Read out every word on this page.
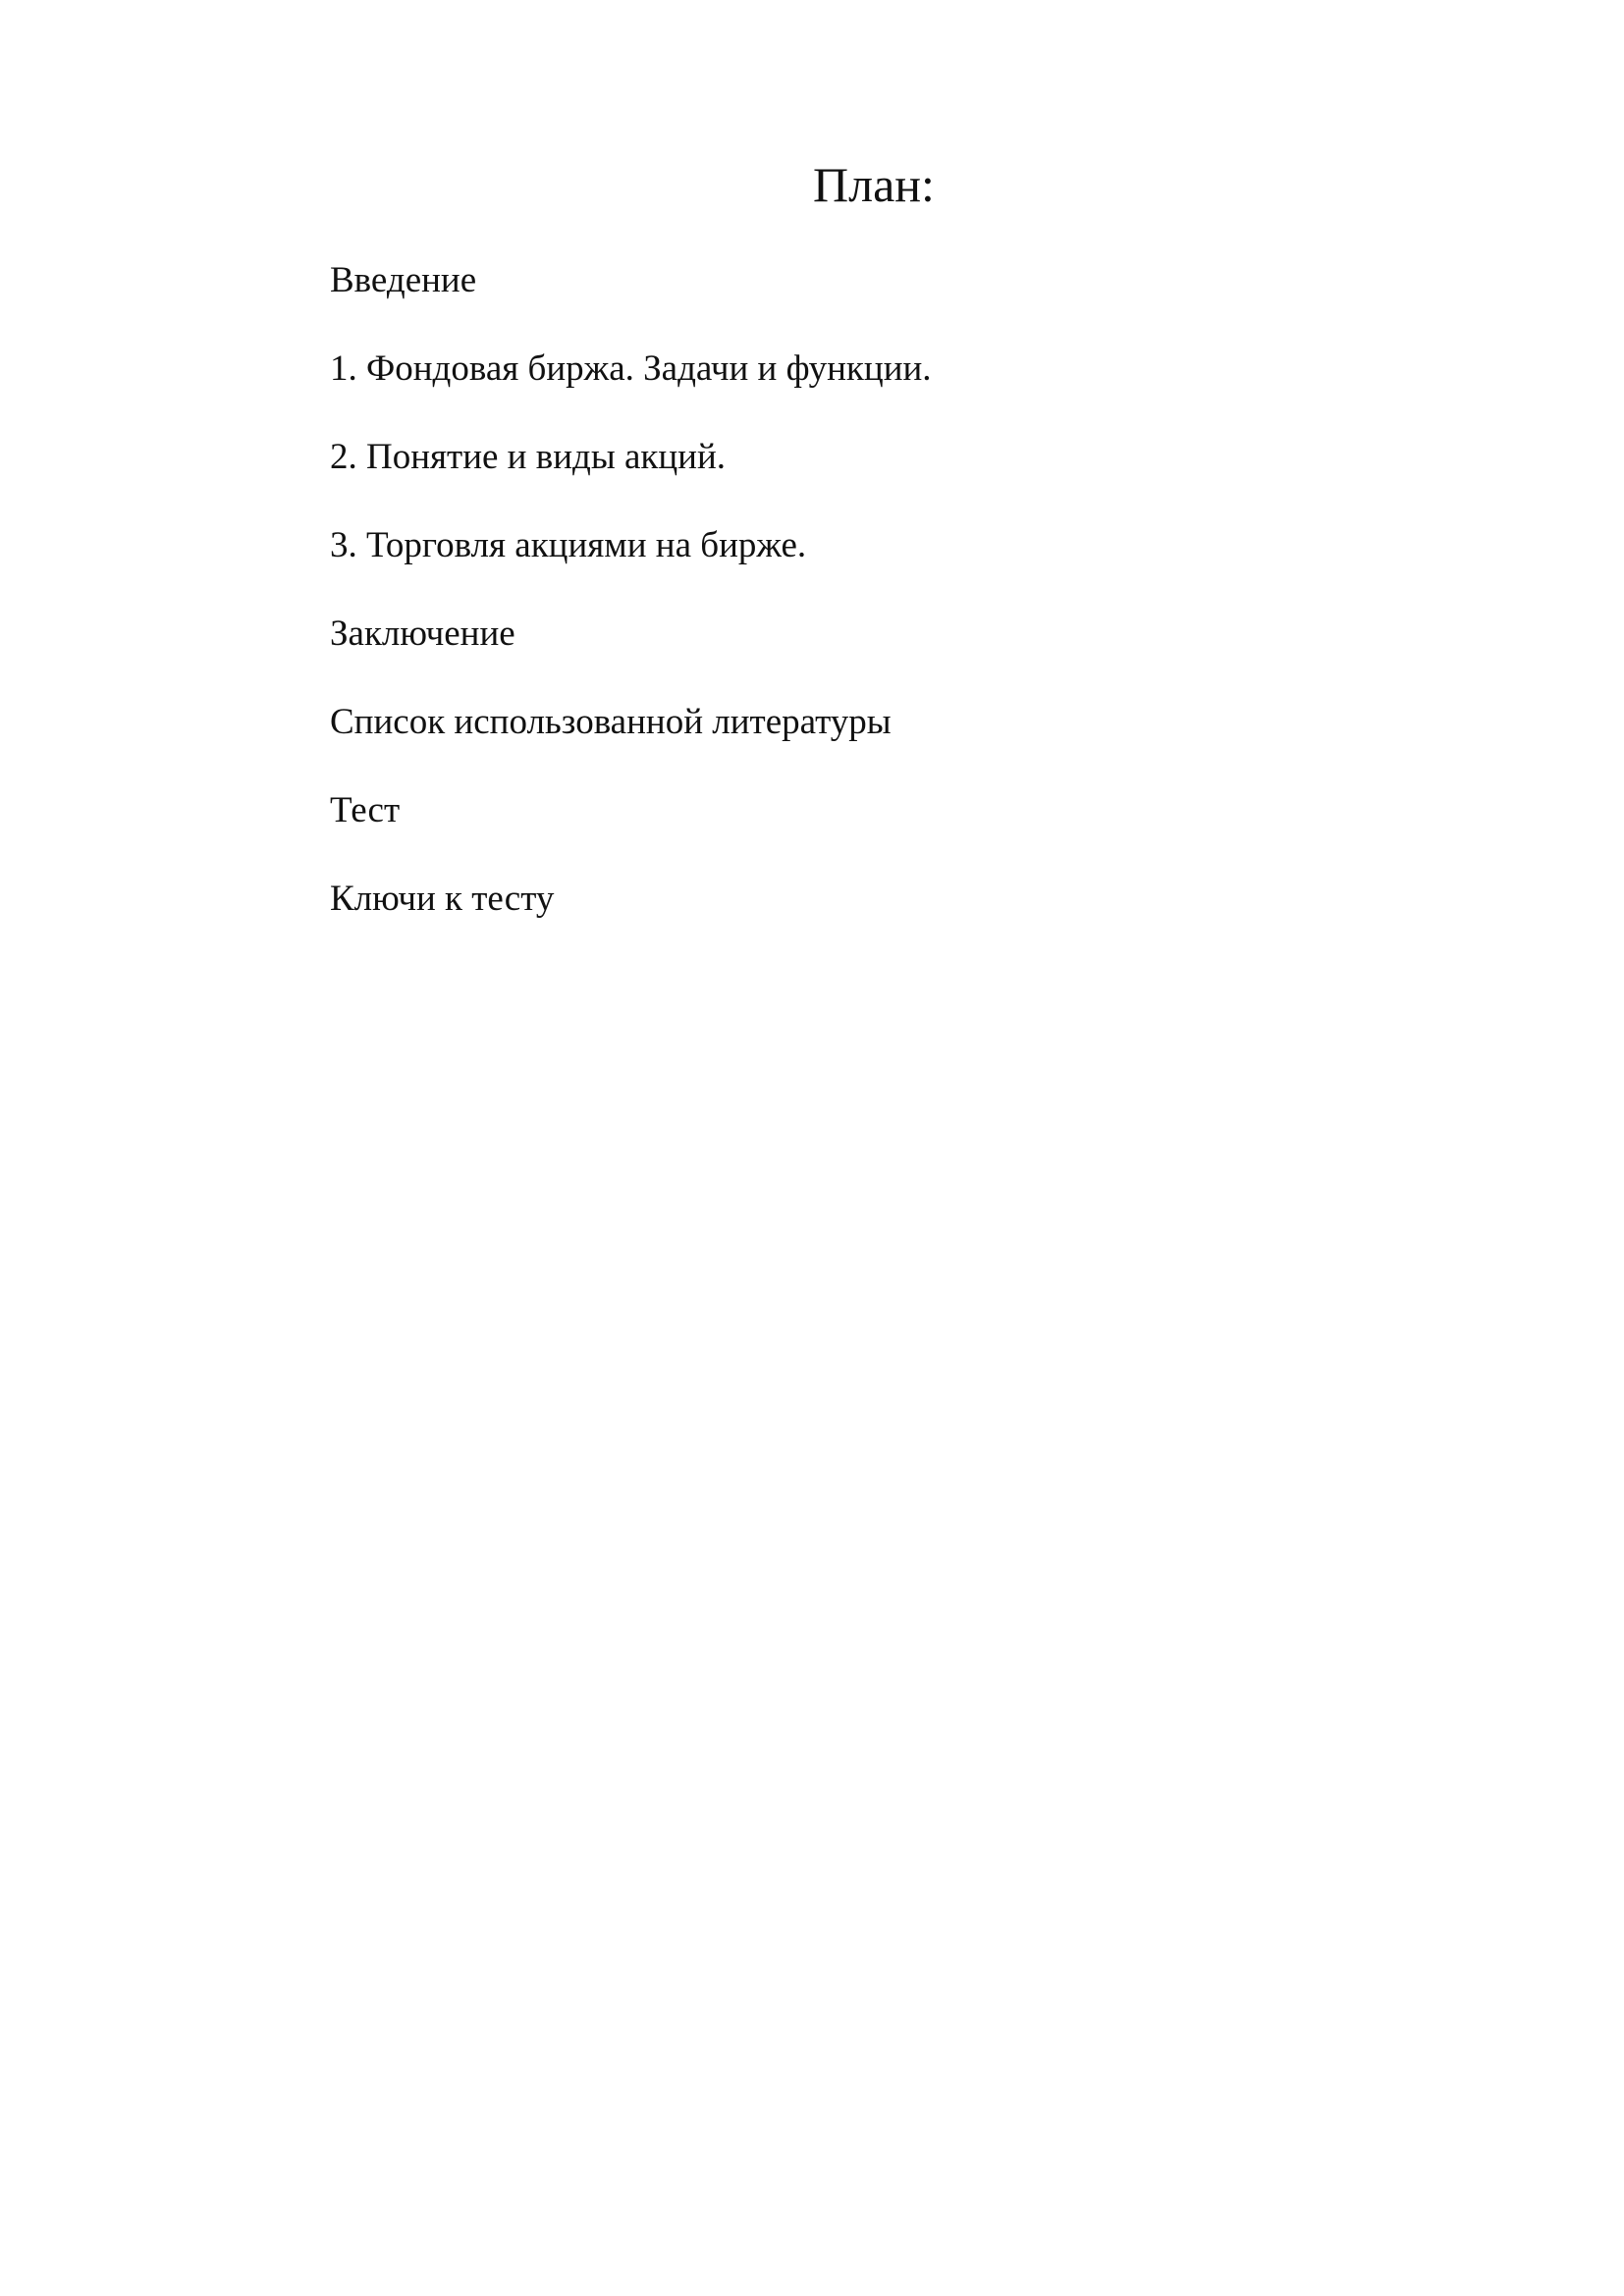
План:
Введение
1. Фондовая биржа. Задачи и функции.
2. Понятие и виды акций.
3. Торговля акциями на бирже.
Заключение
Список использованной литературы
Тест
Ключи к тесту
